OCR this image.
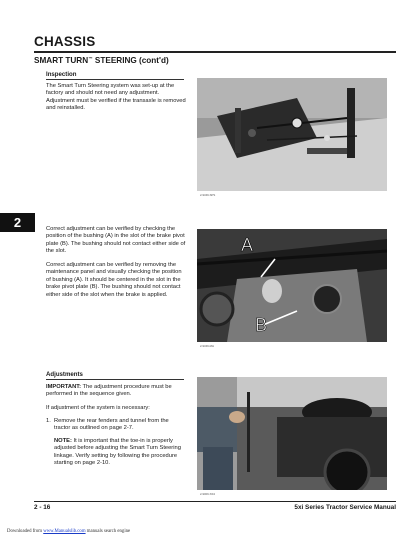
CHASSIS
SMART TURN™ STEERING (cont'd)
2
Inspection
The Smart Turn Steering system was set-up at the factory and should not need any adjustment. Adjustment must be verified if the transaxle is removed and reinstalled.
Correct adjustment can be verified by checking the position of the bushing (A) in the slot of the brake pivot plate (B). The bushing should not contact either side of the slot.
Correct adjustment can be verified by removing the maintenance panel and visually checking the position of bushing (A). It should be centered in the slot in the brake pivot plate (B). The bushing should not contact either side of the slot when the brake is applied.
Adjustments
IMPORTANT: The adjustment procedure must be performed in the sequence given.
If adjustment of the system is necessary:
1. Remove the rear fenders and tunnel from the tractor as outlined on page 2-7.
NOTE: It is important that the toe-in is properly adjusted before adjusting the Smart Turn Steering linkage. Verify setting by following the procedure starting on page 2-10.
2-9349-SPS
A
B
2-9349-MH
2-9009-SS3
2 - 16	5xi Series Tractor Service Manual
Downloaded from www.Manualslib.com manuals search engine
